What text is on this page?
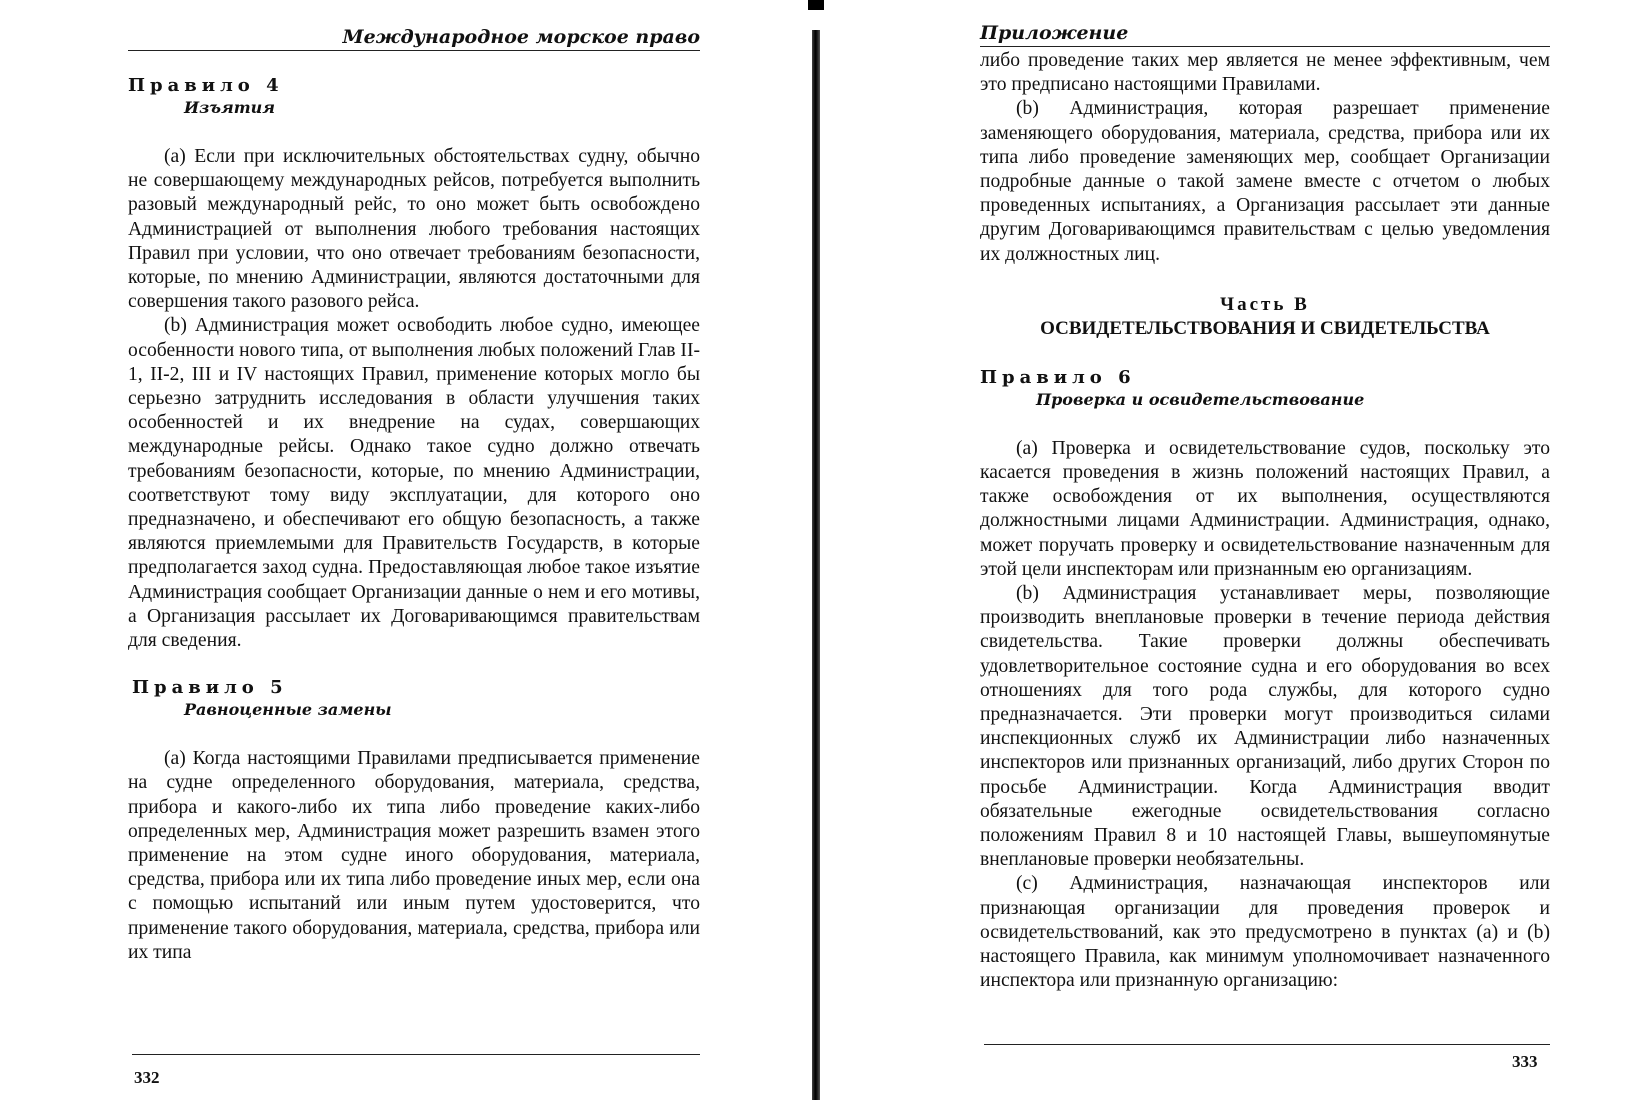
Международное морское право
Правило 4
Изъятия

(a) Если при исключительных обстоятельствах судну, обычно не совершающему международных рейсов, потребуется выполнить разовый международный рейс, то оно может быть освобождено Администрацией от выполнения любого требования настоящих Правил при условии, что оно отвечает требованиям безопасности, которые, по мнению Администрации, являются достаточными для совершения такого разового рейса.

(b) Администрация может освободить любое судно, имеющее особенности нового типа, от выполнения любых положений Глав II-1, II-2, III и IV настоящих Правил, применение которых могло бы серьезно затруднить исследования в области улучшения таких особенностей и их внедрение на судах, совершающих международные рейсы. Однако такое судно должно отвечать требованиям безопасности, которые, по мнению Администрации, соответствуют тому виду эксплуатации, для которого оно предназначено, и обеспечивают его общую безопасность, а также являются приемлемыми для Правительств Государств, в которые предполагается заход судна. Предоставляющая любое такое изъятие Администрация сообщает Организации данные о нем и его мотивы, а Организация рассылает их Договаривающимся правительствам для сведения.

Правило 5
Равноценные замены

(a) Когда настоящими Правилами предписывается применение на судне определенного оборудования, материала, средства, прибора и какого-либо их типа либо проведение каких-либо определенных мер, Администрация может разрешить взамен этого применение на этом судне иного оборудования, материала, средства, прибора или их типа либо проведение иных мер, если она с помощью испытаний или иным путем удостоверится, что применение такого оборудования, материала, средства, прибора или их типа

332
Приложение

либо проведение таких мер является не менее эффективным, чем это предписано настоящими Правилами.

(b) Администрация, которая разрешает применение заменяющего оборудования, материала, средства, прибора или их типа либо проведение заменяющих мер, сообщает Организации подробные данные о такой замене вместе с отчетом о любых проведенных испытаниях, а Организация рассылает эти данные другим Договаривающимся правительствам с целью уведомления их должностных лиц.

Часть В
ОСВИДЕТЕЛЬСТВОВАНИЯ И СВИДЕТЕЛЬСТВА
Правило 6
Проверка и освидетельствование

(a) Проверка и освидетельствование судов, поскольку это касается проведения в жизнь положений настоящих Правил, а также освобождения от их выполнения, осуществляются должностными лицами Администрации. Администрация, однако, может поручать проверку и освидетельствование назначенным для этой цели инспекторам или признанным ею организациям.

(b) Администрация устанавливает меры, позволяющие производить внеплановые проверки в течение периода действия свидетельства. Такие проверки должны обеспечивать удовлетворительное состояние судна и его оборудования во всех отношениях для того рода службы, для которого судно предназначается. Эти проверки могут производиться силами инспекционных служб их Администрации либо назначенных инспекторов или признанных организаций, либо других Сторон по просьбе Администрации. Когда Администрация вводит обязательные ежегодные освидетельствования согласно положениям Правил 8 и 10 настоящей Главы, вышеупомянутые внеплановые проверки необязательны.

(c) Администрация, назначающая инспекторов или признающая организации для проведения проверок и освидетельствований, как это предусмотрено в пунктах (a) и (b) настоящего Правила, как минимум уполномочивает назначенного инспектора или признанную организацию:

333
